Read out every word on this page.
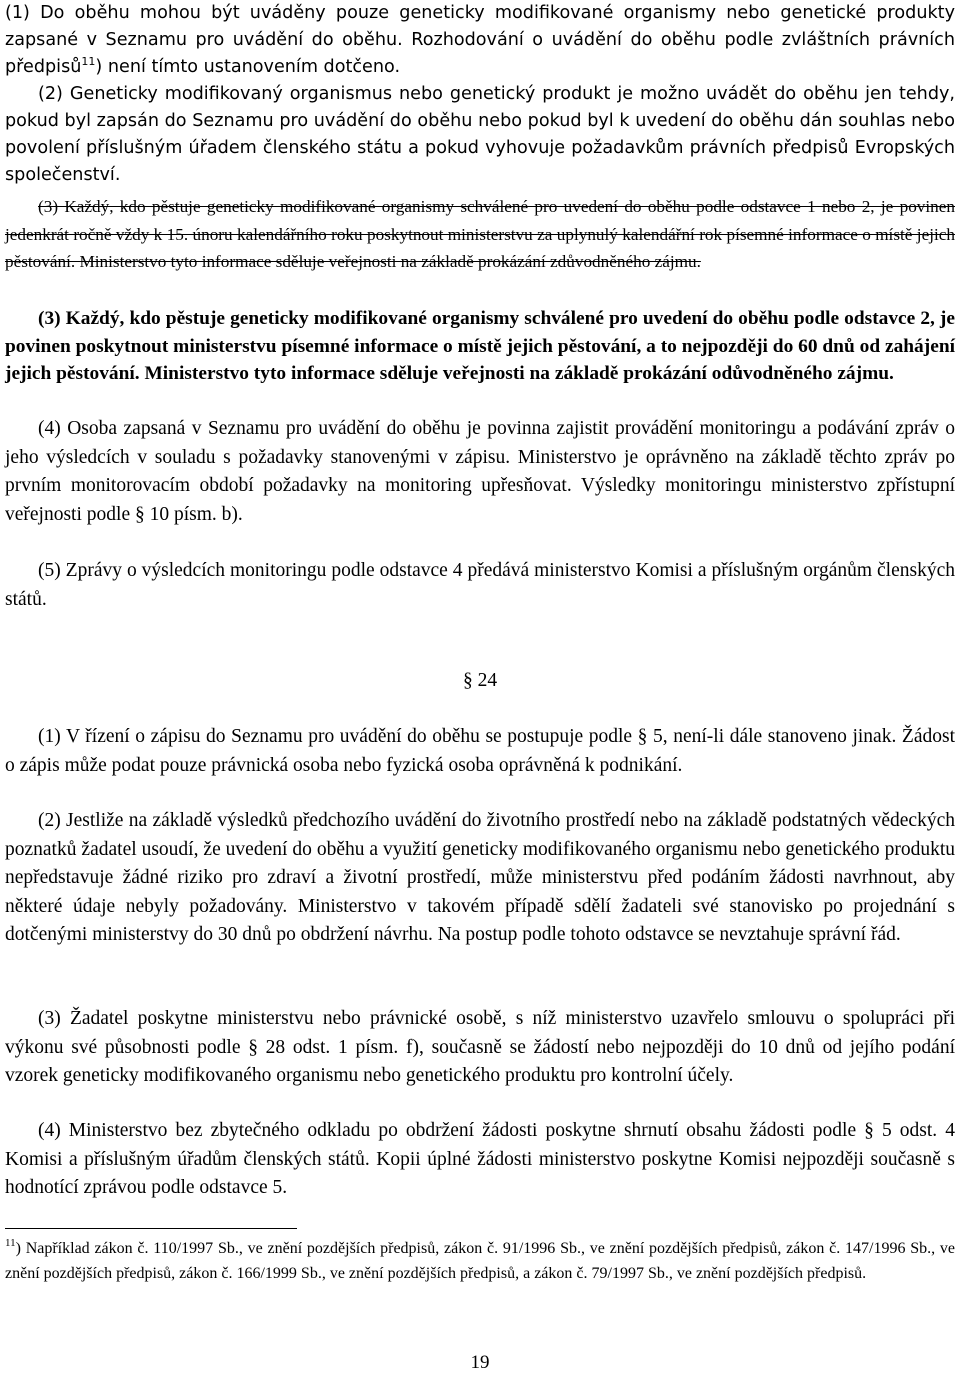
(1) Do oběhu mohou být uváděny pouze geneticky modifikované organismy nebo genetické produkty zapsané v Seznamu pro uvádění do oběhu. Rozhodování o uvádění do oběhu podle zvláštních právních předpisů$^{11}$) není tímto ustanovením dotčeno.

(2) Geneticky modifikovaný organismus nebo genetický produkt je možno uvádět do oběhu jen tehdy, pokud byl zapsán do Seznamu pro uvádění do oběhu nebo pokud byl k uvedení do oběhu dán souhlas nebo povolení příslušným úřadem členského státu a pokud vyhovuje požadavkům právních předpisů Evropských společenství.

(3) Každý, kdo pěstuje geneticky modifikované organismy schválené pro uvedení do oběhu podle odstavce 1 nebo 2, je povinen jedenkrát ročně vždy k 15. únoru kalendářního roku poskytnout ministerstvu za uplynulý kalendářní rok písemné informace o místě jejich pěstování. Ministerstvo tyto informace sděluje veřejnosti na základě prokázání zdůvodněného zájmu.

(3) Každý, kdo pěstuje geneticky modifikované organismy schválené pro uvedení do oběhu podle odstavce 2, je povinen poskytnout ministerstvu písemné informace o místě jejich pěstování, a to nejpozději do 60 dnů od zahájení jejich pěstování. Ministerstvo tyto informace sděluje veřejnosti na základě prokázání odůvodněného zájmu.

(4) Osoba zapsaná v Seznamu pro uvádění do oběhu je povinna zajistit provádění monitoringu a podávání zpráv o jeho výsledcích v souladu s požadavky stanovenými v zápisu. Ministerstvo je oprávněno na základě těchto zpráv po prvním monitorovacím období požadavky na monitoring upřesňovat. Výsledky monitoringu ministerstvo zpřístupní veřejnosti podle § 10 písm. b).

(5) Zprávy o výsledcích monitoringu podle odstavce 4 předává ministerstvo Komisi a příslušným orgánům členských států.

§ 24

(1) V řízení o zápisu do Seznamu pro uvádění do oběhu se postupuje podle § 5, není-li dále stanoveno jinak. Žádost o zápis může podat pouze právnická osoba nebo fyzická osoba oprávněná k podnikání.

(2) Jestliže na základě výsledků předchozího uvádění do životního prostředí nebo na základě podstatných vědeckých poznatků žadatel usoudí, že uvedení do oběhu a využití geneticky modifikovaného organismu nebo genetického produktu nepředstavuje žádné riziko pro zdraví a životní prostředí, může ministerstvu před podáním žádosti navrhnout, aby některé údaje nebyly požadovány. Ministerstvo v takovém případě sdělí žadateli své stanovisko po projednání s dotčenými ministerstvy do 30 dnů po obdržení návrhu. Na postup podle tohoto odstavce se nevztahuje správní řád.

(3) Žadatel poskytne ministerstvu nebo právnické osobě, s níž ministerstvo uzavřelo smlouvu o spolupráci při výkonu své působnosti podle § 28 odst. 1 písm. f), současně se žádostí nebo nejpozději do 10 dnů od jejího podání vzorek geneticky modifikovaného organismu nebo genetického produktu pro kontrolní účely.

(4) Ministerstvo bez zbytečného odkladu po obdržení žádosti poskytne shrnutí obsahu žádosti podle § 5 odst. 4 Komisi a příslušným úřadům členských států. Kopii úplné žádosti ministerstvo poskytne Komisi nejpozději současně s hodnotící zprávou podle odstavce 5.

$^{11}$) Například zákon č. 110/1997 Sb., ve znění pozdějších předpisů, zákon č. 91/1996 Sb., ve znění pozdějších předpisů, zákon č. 147/1996 Sb., ve znění pozdějších předpisů, zákon č. 166/1999 Sb., ve znění pozdějších předpisů, a zákon č. 79/1997 Sb., ve znění pozdějších předpisů.

19
